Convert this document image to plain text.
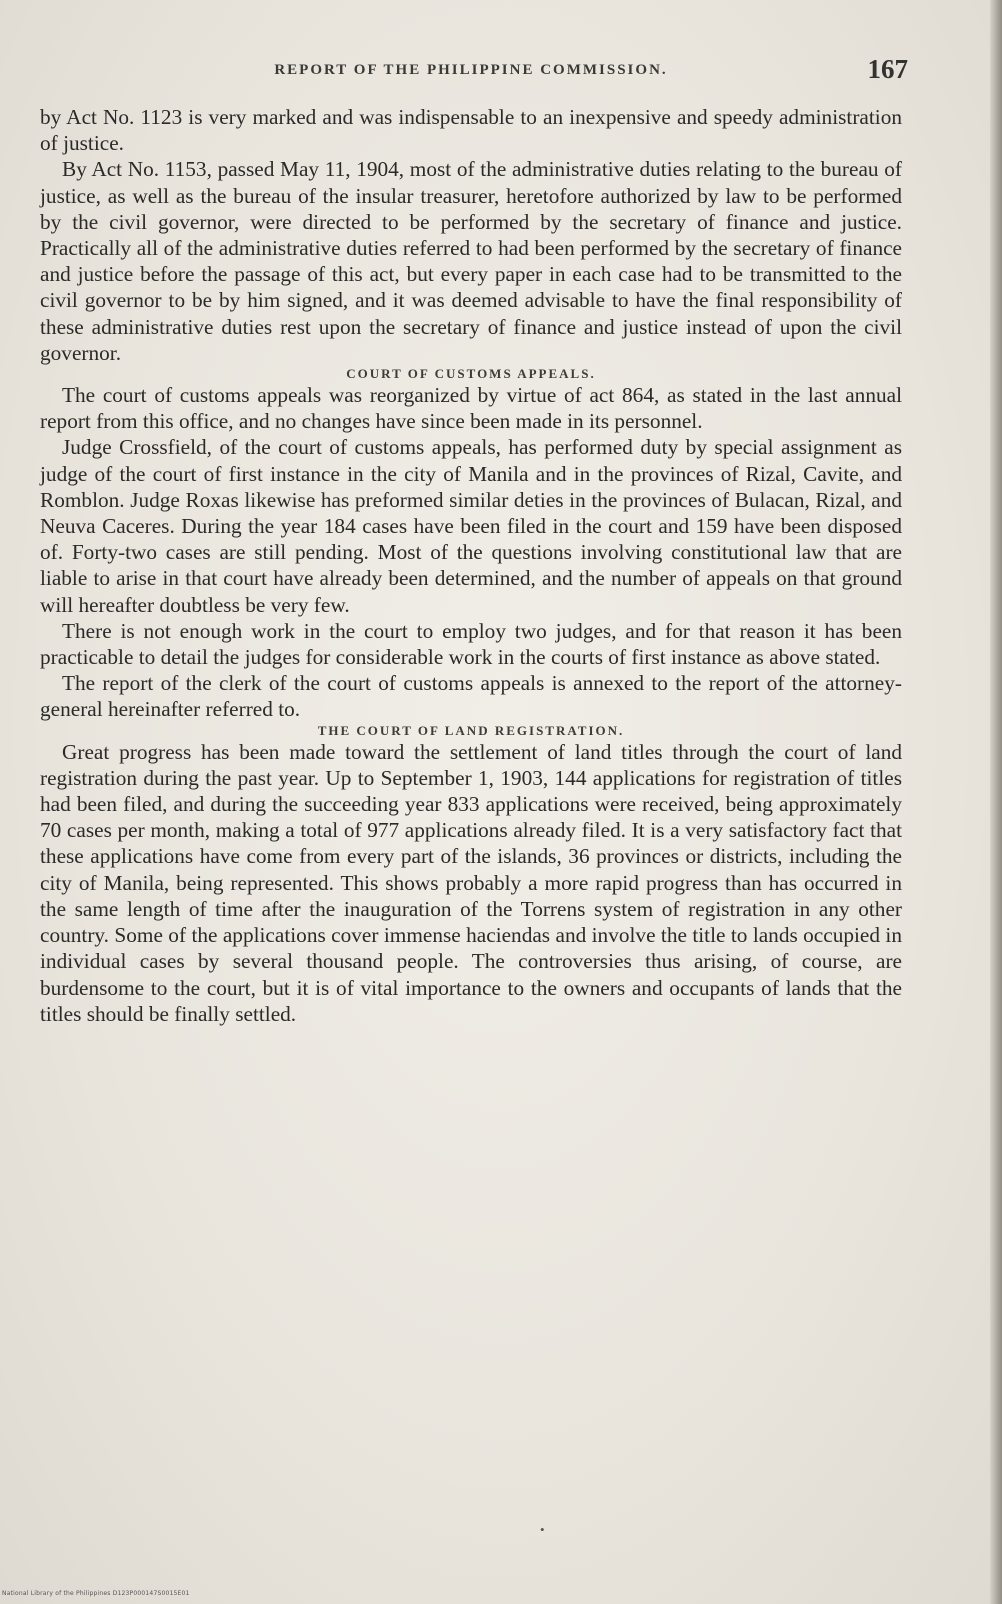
REPORT OF THE PHILIPPINE COMMISSION.	167

by Act No. 1123 is very marked and was indispensable to an inexpensive and speedy administration of justice.

By Act No. 1153, passed May 11, 1904, most of the administrative duties relating to the bureau of justice, as well as the bureau of the insular treasurer, heretofore authorized by law to be performed by the civil governor, were directed to be performed by the secretary of finance and justice. Practically all of the administrative duties referred to had been performed by the secretary of finance and justice before the passage of this act, but every paper in each case had to be transmitted to the civil governor to be by him signed, and it was deemed advisable to have the final responsibility of these administrative duties rest upon the secretary of finance and justice instead of upon the civil governor.

COURT OF CUSTOMS APPEALS.

The court of customs appeals was reorganized by virtue of act 864, as stated in the last annual report from this office, and no changes have since been made in its personnel.

Judge Crossfield, of the court of customs appeals, has performed duty by special assignment as judge of the court of first instance in the city of Manila and in the provinces of Rizal, Cavite, and Romblon. Judge Roxas likewise has preformed similar deties in the provinces of Bulacan, Rizal, and Neuva Caceres. During the year 184 cases have been filed in the court and 159 have been disposed of. Forty-two cases are still pending. Most of the questions involving constitutional law that are liable to arise in that court have already been determined, and the number of appeals on that ground will hereafter doubtless be very few.

There is not enough work in the court to employ two judges, and for that reason it has been practicable to detail the judges for considerable work in the courts of first instance as above stated.

The report of the clerk of the court of customs appeals is annexed to the report of the attorney-general hereinafter referred to.

THE COURT OF LAND REGISTRATION.

Great progress has been made toward the settlement of land titles through the court of land registration during the past year. Up to September 1, 1903, 144 applications for registration of titles had been filed, and during the succeeding year 833 applications were received, being approximately 70 cases per month, making a total of 977 applications already filed. It is a very satisfactory fact that these applications have come from every part of the islands, 36 provinces or districts, including the city of Manila, being represented. This shows probably a more rapid progress than has occurred in the same length of time after the inauguration of the Torrens system of registration in any other country. Some of the applications cover immense haciendas and involve the title to lands occupied in individual cases by several thousand people. The controversies thus arising, of course, are burdensome to the court, but it is of vital importance to the owners and occupants of lands that the titles should be finally settled.

•
National Library of the Philippines D123P000147S0015E01
